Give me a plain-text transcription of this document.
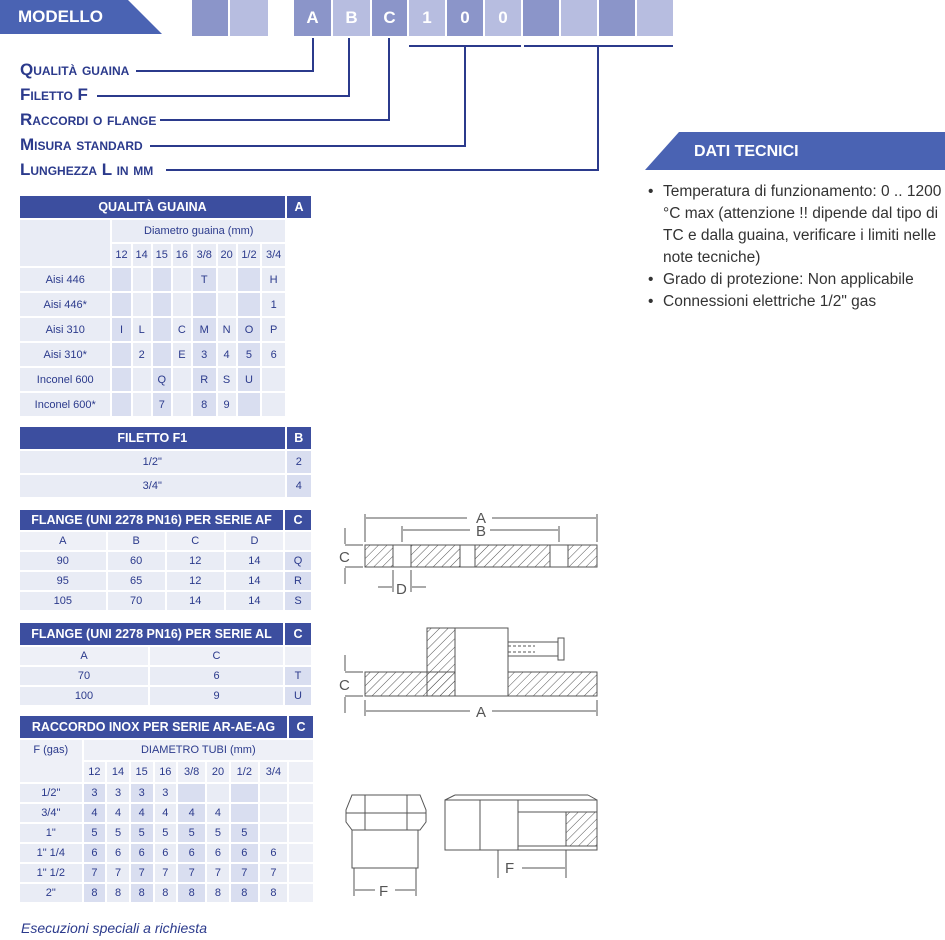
MODELLO	A	B	C	1	0	0
Qualità guaina
Filetto F
Raccordi o flange
Misura standard
Lunghezza L in mm
QUALITÀ GUAINA									A
	Diametro guaina (mm)								
	12	14	15	16	3/8	20	1/2	3/4	
Aisi 446					T			H	
Aisi 446*								1	
Aisi 310	I	L		C	M	N	O	P	
Aisi 310*		2		E	3	4	5	6	
Inconel 600			Q		R	S	U		
Inconel 600*			7		8	9			
FILETTO F1	B
1/2"	2
3/4"	4
FLANGE (UNI 2278 PN16) PER SERIE AF				C
A	B	C	D	
90	60	12	14	Q
95	65	12	14	R
105	70	14	14	S
FLANGE (UNI 2278 PN16) PER SERIE AL		C
A	C	
70	6	T
100	9	U
RACCORDO INOX PER SERIE AR-AE-AG									C
F (gas)	DIAMETRO TUBI (mm)								
	12	14	15	16	3/8	20	1/2	3/4	
1/2"	3	3	3	3					
3/4"	4	4	4	4	4	4			
1"	5	5	5	5	5	5	5		
1" 1/4	6	6	6	6	6	6	6	6	
1" 1/2	7	7	7	7	7	7	7	7	
2"	8	8	8	8	8	8	8	8	
Esecuzioni speciali a richiesta
A
B
C
D
C
A
F
F
DATI TECNICI
• Temperatura di funzionamento: 0 .. 1200 °C max (attenzione !! dipende dal tipo di TC e dalla guaina, verificare i limiti nelle note tecniche)
• Grado di protezione: Non applicabile
• Connessioni elettriche 1/2" gas
